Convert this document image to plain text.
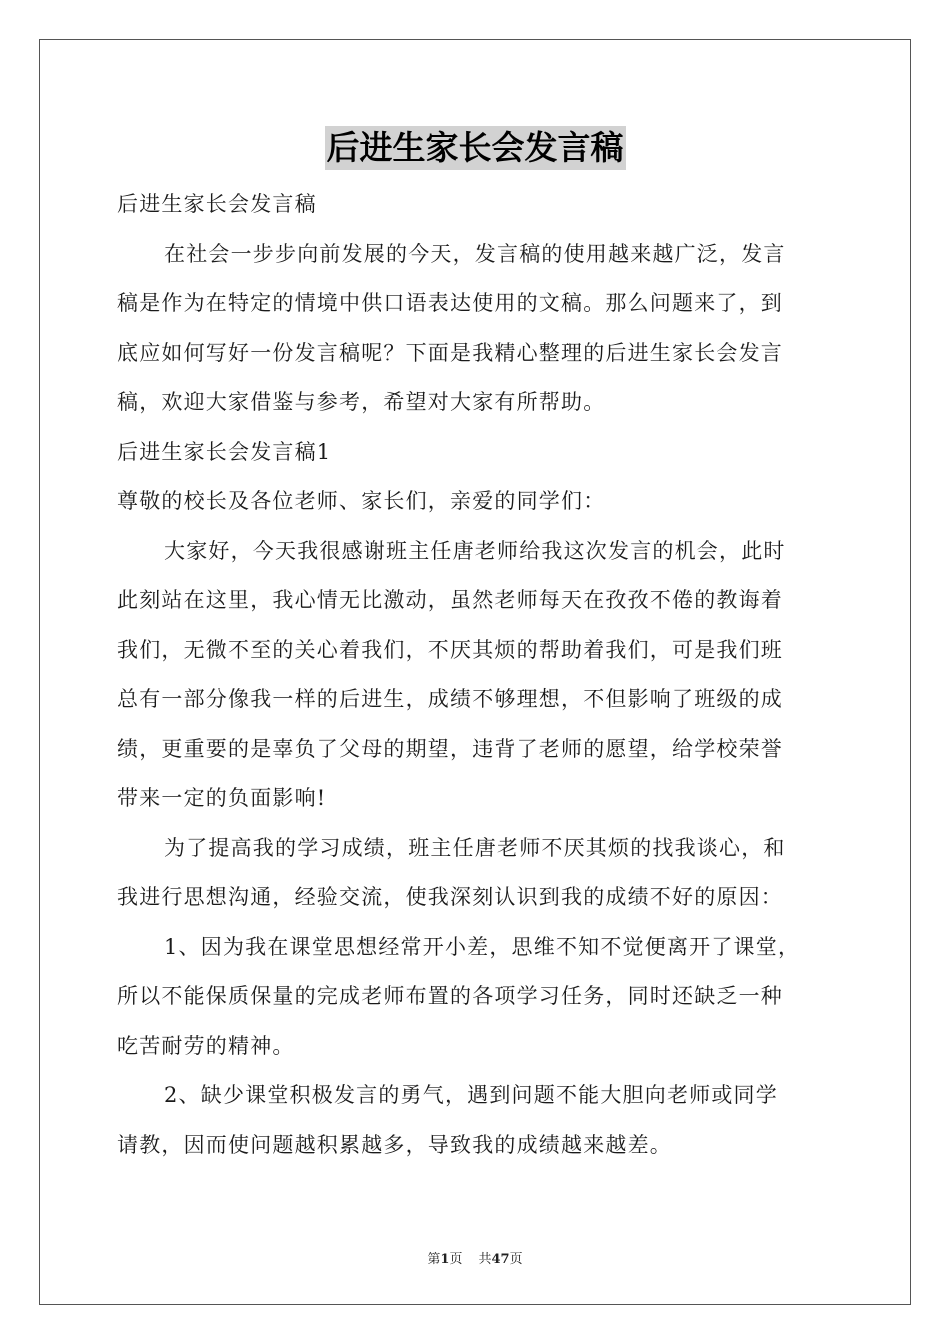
后进生家长会发言稿

后进生家长会发言稿

在社会一步步向前发展的今天，发言稿的使用越来越广泛，发言

稿是作为在特定的情境中供口语表达使用的文稿。那么问题来了，到

底应如何写好一份发言稿呢？下面是我精心整理的后进生家长会发言

稿，欢迎大家借鉴与参考，希望对大家有所帮助。

后进生家长会发言稿1

尊敬的校长及各位老师、家长们，亲爱的同学们：

大家好，今天我很感谢班主任唐老师给我这次发言的机会，此时

此刻站在这里，我心情无比激动，虽然老师每天在孜孜不倦的教诲着

我们，无微不至的关心着我们，不厌其烦的帮助着我们，可是我们班

总有一部分像我一样的后进生，成绩不够理想，不但影响了班级的成

绩，更重要的是辜负了父母的期望，违背了老师的愿望，给学校荣誉

带来一定的负面影响!

为了提高我的学习成绩，班主任唐老师不厌其烦的找我谈心，和

我进行思想沟通，经验交流，使我深刻认识到我的成绩不好的原因：

1、因为我在课堂思想经常开小差，思维不知不觉便离开了课堂，

所以不能保质保量的完成老师布置的各项学习任务，同时还缺乏一种

吃苦耐劳的精神。

2、缺少课堂积极发言的勇气，遇到问题不能大胆向老师或同学

请教，因而使问题越积累越多，导致我的成绩越来越差。

第1页 共47页
